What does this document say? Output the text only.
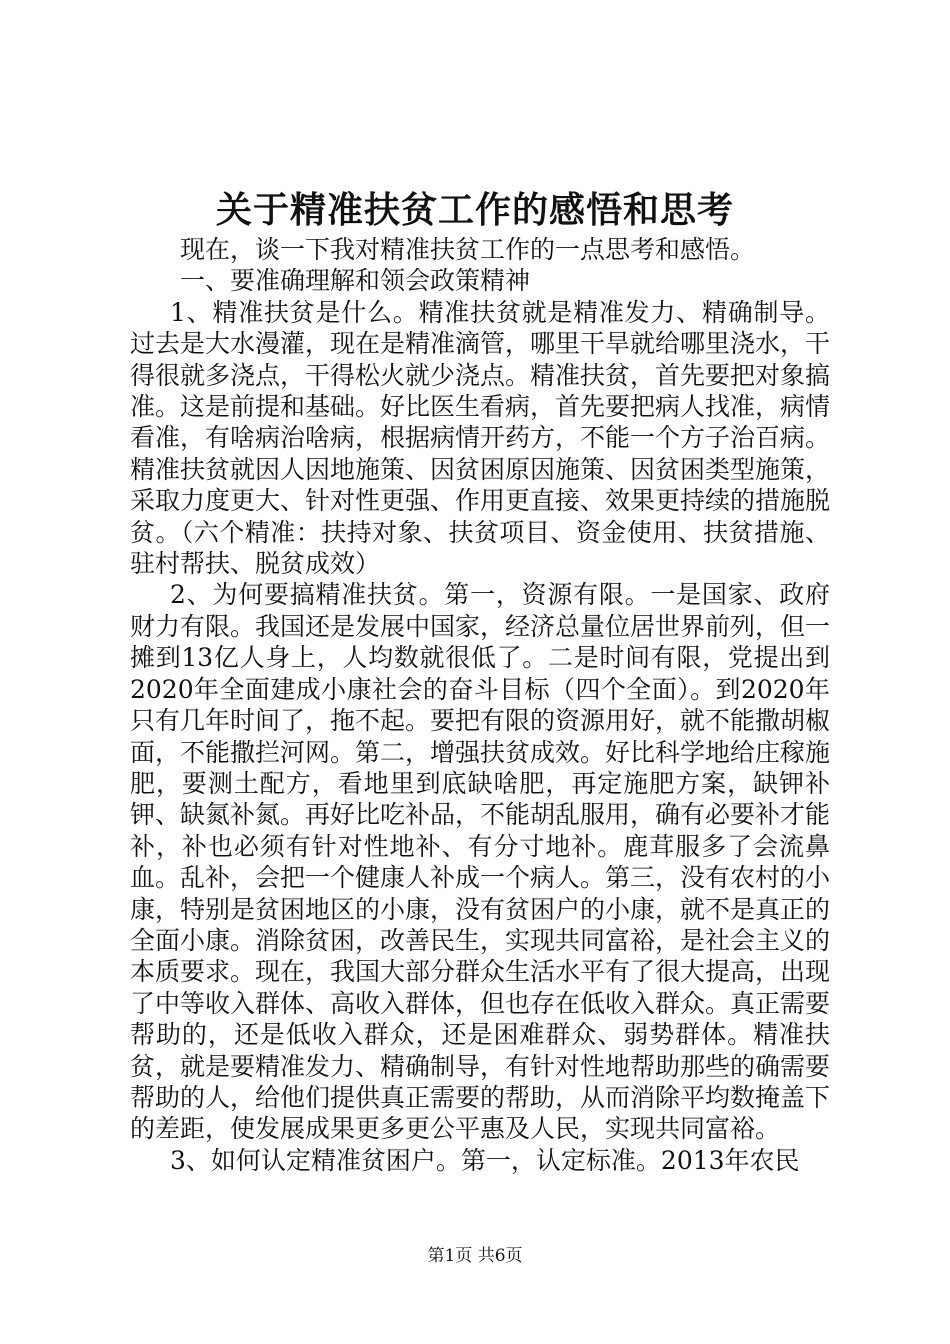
关于精准扶贫工作的感悟和思考

现在，谈一下我对精准扶贫工作的一点思考和感悟。

一、要准确理解和领会政策精神

1、精准扶贫是什么。精准扶贫就是精准发力、精确制导。过去是大水漫灌，现在是精准滴管，哪里干旱就给哪里浇水，干得很就多浇点，干得松火就少浇点。精准扶贫，首先要把对象搞准。这是前提和基础。好比医生看病，首先要把病人找准，病情看准，有啥病治啥病，根据病情开药方，不能一个方子治百病。精准扶贫就因人因地施策、因贫困原因施策、因贫困类型施策，采取力度更大、针对性更强、作用更直接、效果更持续的措施脱贫。（六个精准：扶持对象、扶贫项目、资金使用、扶贫措施、驻村帮扶、脱贫成效）

2、为何要搞精准扶贫。第一，资源有限。一是国家、政府财力有限。我国还是发展中国家，经济总量位居世界前列，但一摊到13亿人身上，人均数就很低了。二是时间有限，党提出到2020年全面建成小康社会的奋斗目标（四个全面）。到2020年只有几年时间了，拖不起。要把有限的资源用好，就不能撒胡椒面，不能撒拦河网。第二，增强扶贫成效。好比科学地给庄稼施肥，要测土配方，看地里到底缺啥肥，再定施肥方案，缺钾补钾、缺氮补氮。再好比吃补品，不能胡乱服用，确有必要补才能补，补也必须有针对性地补、有分寸地补。鹿茸服多了会流鼻血。乱补，会把一个健康人补成一个病人。第三，没有农村的小康，特别是贫困地区的小康，没有贫困户的小康，就不是真正的全面小康。消除贫困，改善民生，实现共同富裕，是社会主义的本质要求。现在，我国大部分群众生活水平有了很大提高，出现了中等收入群体、高收入群体，但也存在低收入群众。真正需要帮助的，还是低收入群众，还是困难群众、弱势群体。精准扶贫，就是要精准发力、精确制导，有针对性地帮助那些的确需要帮助的人，给他们提供真正需要的帮助，从而消除平均数掩盖下的差距，使发展成果更多更公平惠及人民，实现共同富裕。

3、如何认定精准贫困户。第一，认定标准。2013年农民

第1页 共6页
